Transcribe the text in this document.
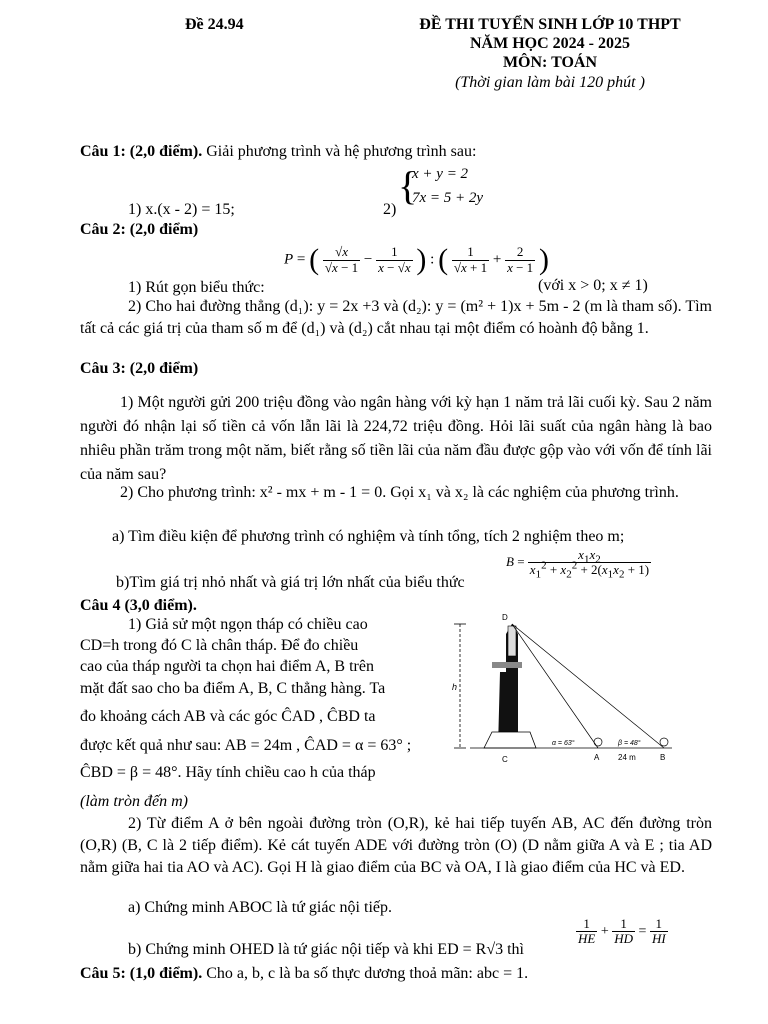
Đề 24.94	ĐỀ THI TUYỂN SINH LỚP 10 THPT
NĂM HỌC 2024 - 2025
MÔN: TOÁN
(Thời gian làm bài 120 phút )
Câu 1: (2,0 điểm). Giải phương trình và hệ phương trình sau:
1) x.(x - 2) = 15;	2)
{
x + y = 2
7x = 5 + 2y
Câu 2: (2,0 điểm)
1) Rút gọn biểu thức:
P = ( $\frac{√x}{√x - 1} - \frac{1}{x - √x}$ ) : ( $\frac{1}{√x + 1} + \frac{2}{x - 1}$ )
(với x > 0; x ≠ 1)
2) Cho hai đường thẳng (d₁): y = 2x +3 và (d₂): y = (m² + 1)x + 5m - 2 (m là tham số). Tìm tất cả các giá trị của tham số m để (d₁) và (d₂) cắt nhau tại một điểm có hoành độ bằng 1.
Câu 3: (2,0 điểm)
1) Một người gửi 200 triệu đồng vào ngân hàng với kỳ hạn 1 năm trả lãi cuối kỳ. Sau 2 năm người đó nhận lại số tiền cả vốn lẫn lãi là 224,72 triệu đồng. Hỏi lãi suất của ngân hàng là bao nhiêu phần trăm trong một năm, biết rằng số tiền lãi của năm đầu được gộp vào với vốn để tính lãi của năm sau?
2) Cho phương trình: x² - mx + m - 1 = 0. Gọi x₁ và x₂ là các nghiệm của phương trình.
a) Tìm điều kiện để phương trình có nghiệm và tính tổng, tích 2 nghiệm theo m;
b)Tìm giá trị nhỏ nhất và giá trị lớn nhất của biểu thức
$B = \frac{x_1x_2}{x_1^2 + x_2^2 + 2(x_1x_2 + 1)}$
Câu 4 (3,0 điểm).
1) Giả sử một ngọn tháp có chiều cao
CD=h trong đó C là chân tháp. Để đo chiều
cao của tháp người ta chọn hai điểm A, B trên
mặt đất sao cho ba điểm A, B, C thẳng hàng. Ta
đo khoảng cách AB và các góc ĈAD , ĈBD ta
được kết quả như sau: AB = 24m , ĈAD = α = 63° ;
ĈBD = β = 48°. Hãy tính chiều cao h của tháp
(làm tròn đến m)
h
D
C	A	B
α = 63°	β = 48°
24 m
2) Từ điểm A ở bên ngoài đường tròn (O,R), kẻ hai tiếp tuyến AB, AC đến đường tròn (O,R) (B, C là 2 tiếp điểm). Kẻ cát tuyến ADE với đường tròn (O) (D nằm giữa A và E ; tia AD nằm giữa hai tia AO và AC). Gọi H là giao điểm của BC và OA, I là giao điểm của HC và ED.
a) Chứng minh ABOC là tứ giác nội tiếp.
b) Chứng minh OHED là tứ giác nội tiếp và khi ED = R√3 thì
$\frac{1}{HE} + \frac{1}{HD} = \frac{1}{HI}$
Câu 5: (1,0 điểm). Cho a, b, c là ba số thực dương thoả mãn: abc = 1.
